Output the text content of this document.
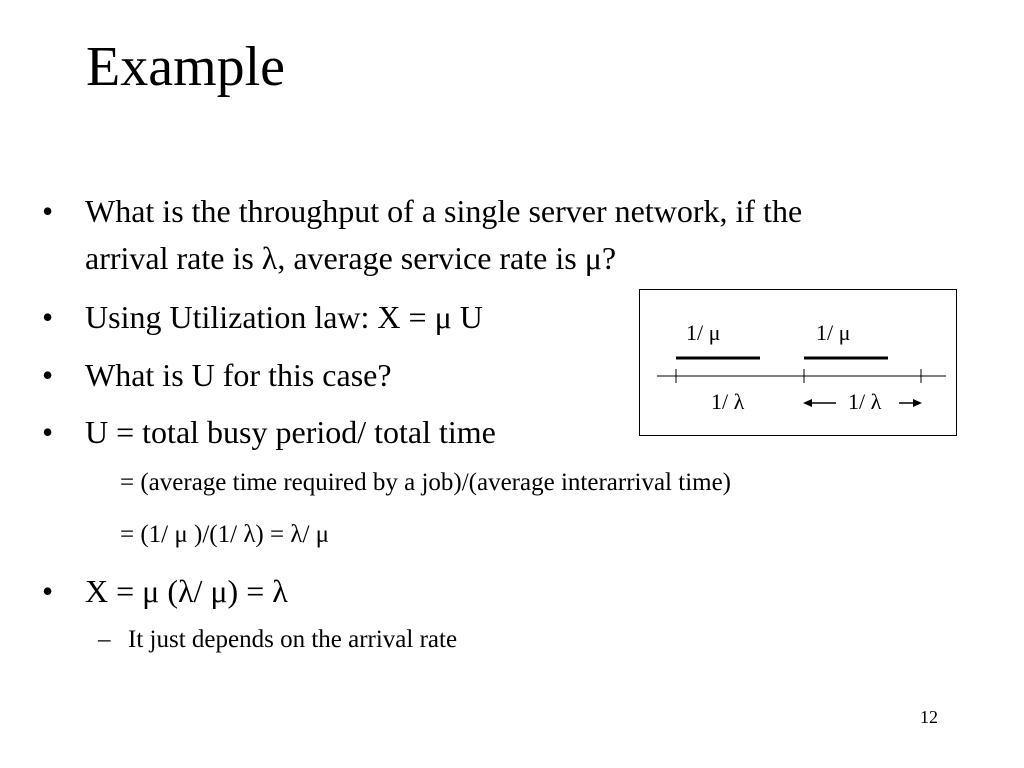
Example
• What is the throughput of a single server network, if the
arrival rate is λ, average service rate is μ?
• Using Utilization law: X = μ U
• What is U for this case?
• U = total busy period/ total time
= (average time required by a job)/(average interarrival time)
= (1/ μ )/(1/ λ) = λ/ μ
• X = μ (λ/ μ) = λ
– It just depends on the arrival rate
1/ μ	1/ μ
1/ λ	1/ λ
12
